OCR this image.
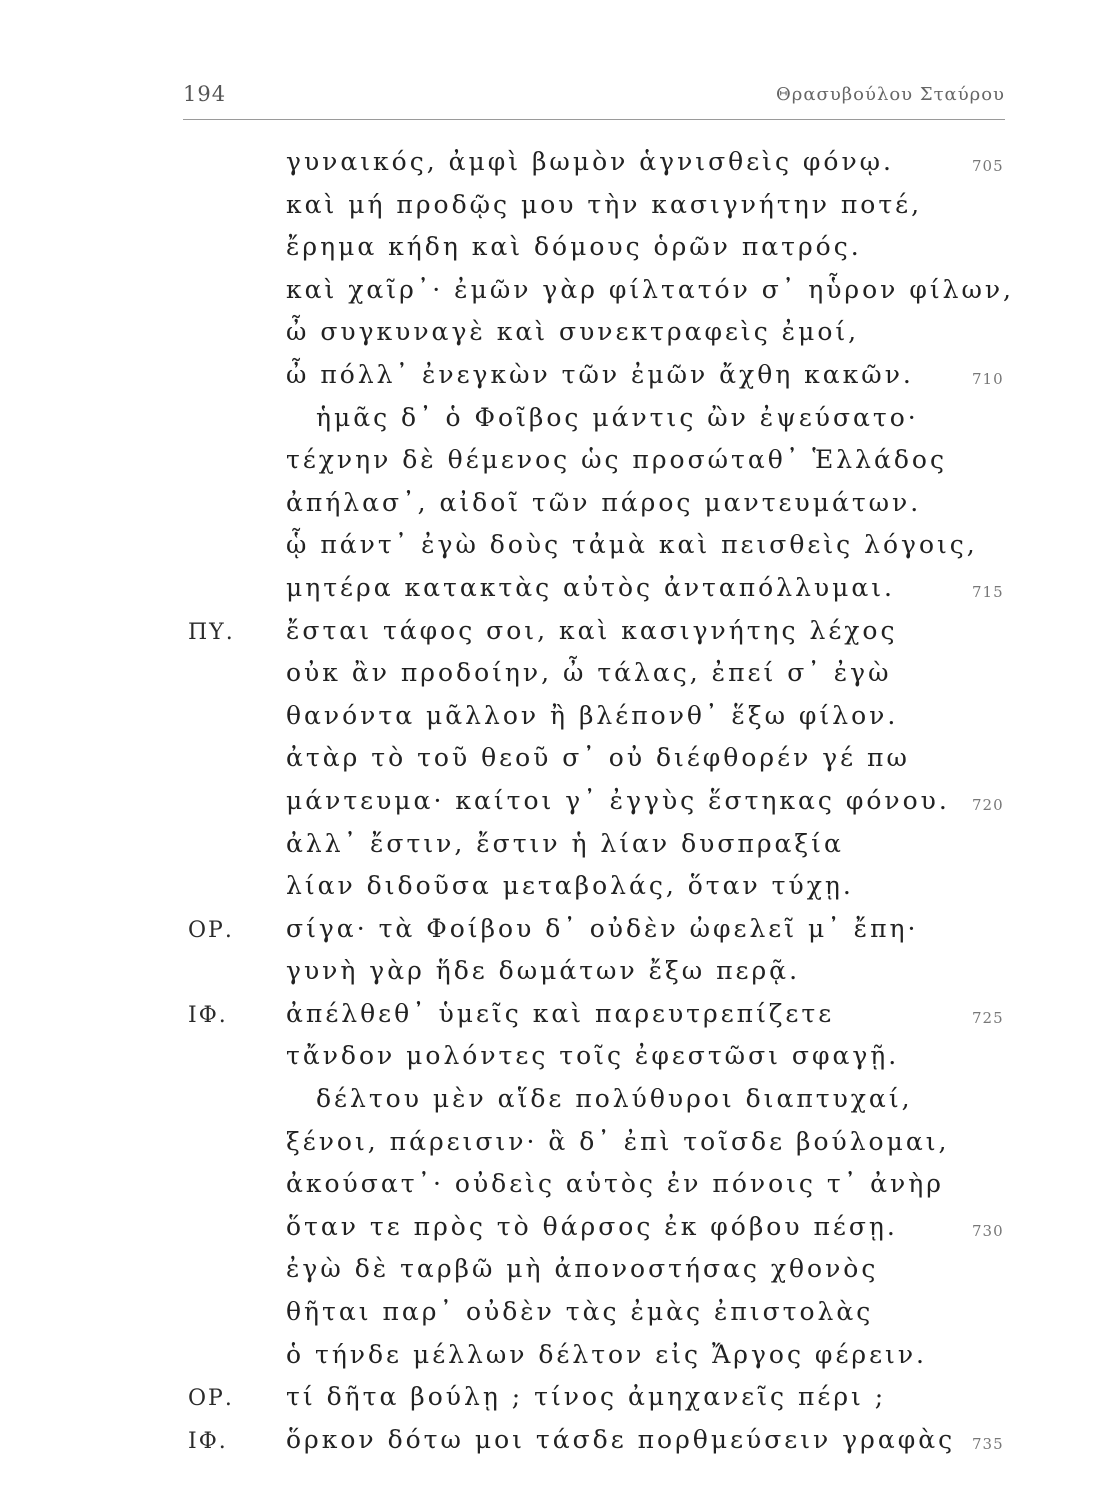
194	Θρασυβούλου Σταύρου
γυναικός, ἀμφὶ βωμὸν ἁγνισθεὶς φόνῳ.	705
καὶ μή προδῷς μου τὴν κασιγνήτην ποτέ,
ἔρημα κήδη καὶ δόμους ὁρῶν πατρός.
καὶ χαῖρ᾽· ἐμῶν γὰρ φίλτατόν σ᾽ ηὗρον φίλων,
ὦ συγκυναγὲ καὶ συνεκτραφεὶς ἐμοί,
ὦ πόλλ᾽ ἐνεγκὼν τῶν ἐμῶν ἄχθη κακῶν.	710
ἡμᾶς δ᾽ ὁ Φοῖβος μάντις ὢν ἐψεύσατο·
τέχνην δὲ θέμενος ὡς προσώταθ᾽ Ἑλλάδος
ἀπήλασ᾽, αἰδοῖ τῶν πάρος μαντευμάτων.
ᾧ πάντ᾽ ἐγὼ δοὺς τἀμὰ καὶ πεισθεὶς λόγοις,
μητέρα κατακτὰς αὐτὸς ἀνταπόλλυμαι.	715
ΠΥ. ἔσται τάφος σοι, καὶ κασιγνήτης λέχος
οὐκ ἂν προδοίην, ὦ τάλας, ἐπεί σ᾽ ἐγὼ
θανόντα μᾶλλον ἢ βλέπονθ᾽ ἕξω φίλον.
ἀτὰρ τὸ τοῦ θεοῦ σ᾽ οὐ διέφθορέν γέ πω
μάντευμα· καίτοι γ᾽ ἐγγὺς ἕστηκας φόνου. 720
ἀλλ᾽ ἔστιν, ἔστιν ἡ λίαν δυσπραξία
λίαν διδοῦσα μεταβολάς, ὅταν τύχῃ.
ΟΡ. σίγα· τὰ Φοίβου δ᾽ οὐδὲν ὠφελεῖ μ᾽ ἔπη·
γυνὴ γὰρ ἥδε δωμάτων ἔξω περᾷ.
ΙΦ. ἀπέλθεθ᾽ ὑμεῖς καὶ παρευτρεπίζετε	725
τἄνδον μολόντες τοῖς ἐφεστῶσι σφαγῇ.
δέλτου μὲν αἵδε πολύθυροι διαπτυχαί,
ξένοι, πάρεισιν· ἃ δ᾽ ἐπὶ τοῖσδε βούλομαι,
ἀκούσατ᾽· οὐδεὶς αὑτὸς ἐν πόνοις τ᾽ ἀνὴρ
ὅταν τε πρὸς τὸ θάρσος ἐκ φόβου πέσῃ.	730
ἐγὼ δὲ ταρβῶ μὴ ἀπονοστήσας χθονὸς
θῆται παρ᾽ οὐδὲν τὰς ἐμὰς ἐπιστολὰς
ὁ τήνδε μέλλων δέλτον εἰς Ἄργος φέρειν.
ΟΡ. τί δῆτα βούλῃ ; τίνος ἀμηχανεῖς πέρι ;
ΙΦ. ὅρκον δότω μοι τάσδε πορθμεύσειν γραφὰς 735
